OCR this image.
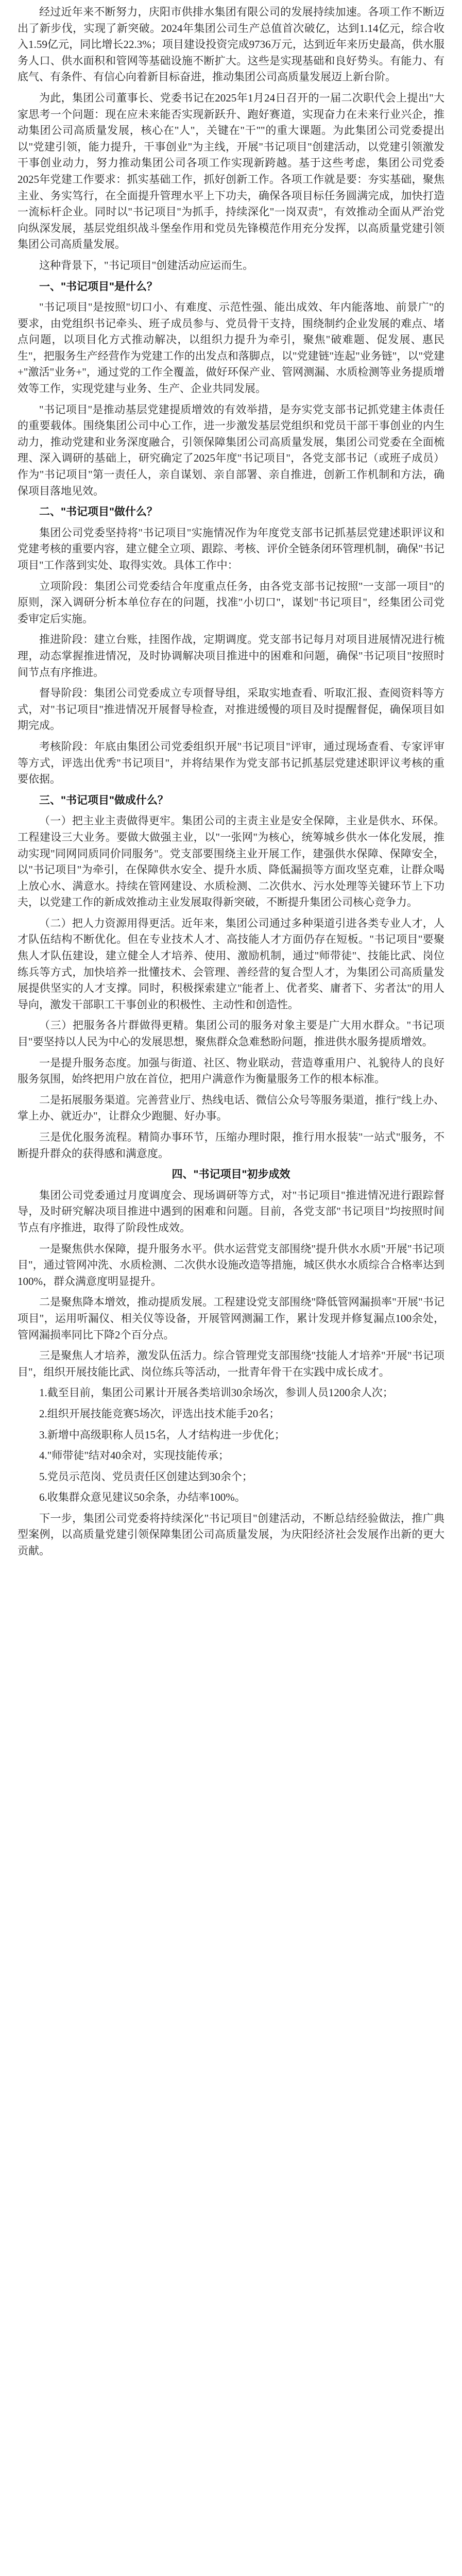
经过近年来不断努力，庆阳市供排水集团有限公司的发展持续加速。各项工作不断迈出了新步伐，实现了新突破。2024年集团公司生产总值首次破亿，达到1.14亿元，综合收入1.59亿元，同比增长22.3%；项目建设投资完成9736万元，达到近年来历史最高，供水服务人口、供水面积和管网等基础设施不断扩大。这些是实现基础和良好势头。有能力、有底气、有条件、有信心向着新目标奋进，推动集团公司高质量发展迈上新台阶。

为此，集团公司董事长、党委书记在2025年1月24日召开的一届二次职代会上提出"大家思考一个问题：现在应未来能否实现新跃升、跑好赛道，实现奋力在未来行业兴企，推动集团公司高质量发展，核心在"人"，关键在"干""的重大课题。为此集团公司党委提出以"党建引领，能力提升，干事创业"为主线，开展"书记项目"创建活动，以党建引领激发干事创业动力，努力推动集团公司各项工作实现新跨越。基于这些考虑，集团公司党委2025年党建工作要求：抓实基础工作，抓好创新工作。各项工作就是要：夯实基础，聚焦主业、务实笃行，在全面提升管理水平上下功夫，确保各项目标任务圆满完成，加快打造一流标杆企业。同时以"书记项目"为抓手，持续深化"一岗双责"，有效推动全面从严治党向纵深发展，基层党组织战斗堡垒作用和党员先锋模范作用充分发挥，以高质量党建引领集团公司高质量发展。

这种背景下，"书记项目"创建活动应运而生。

一、"书记项目"是什么？

"书记项目"是按照"切口小、有难度、示范性强、能出成效、年内能落地、前景广"的要求，由党组织书记牵头、班子成员参与、党员骨干支持，围绕制约企业发展的难点、堵点问题，以项目化方式推动解决，以组织力提升为牵引，聚焦"破难题、促发展、惠民生"，把服务生产经营作为党建工作的出发点和落脚点，以"党建链"连起"业务链"，以"党建+"激活"业务+"，通过党的工作全覆盖，做好环保产业、管网测漏、水质检测等业务提质增效等工作，实现党建与业务、生产、企业共同发展。

"书记项目"是推动基层党建提质增效的有效举措，是夯实党支部书记抓党建主体责任的重要载体。围绕集团公司中心工作，进一步激发基层党组织和党员干部干事创业的内生动力，推动党建和业务深度融合，引领保障集团公司高质量发展，集团公司党委在全面梳理、深入调研的基础上，研究确定了2025年度"书记项目"，各党支部书记（或班子成员）作为"书记项目"第一责任人，亲自谋划、亲自部署、亲自推进，创新工作机制和方法，确保项目落地见效。

二、"书记项目"做什么？

集团公司党委坚持将"书记项目"实施情况作为年度党支部书记抓基层党建述职评议和党建考核的重要内容，建立健全立项、跟踪、考核、评价全链条闭环管理机制，确保"书记项目"工作落到实处、取得实效。具体工作中：

立项阶段：集团公司党委结合年度重点任务，由各党支部书记按照"一支部一项目"的原则，深入调研分析本单位存在的问题，找准"小切口"，谋划"书记项目"，经集团公司党委审定后实施。

推进阶段：建立台账，挂图作战，定期调度。党支部书记每月对项目进展情况进行梳理，动态掌握推进情况，及时协调解决项目推进中的困难和问题，确保"书记项目"按照时间节点有序推进。

督导阶段：集团公司党委成立专项督导组，采取实地查看、听取汇报、查阅资料等方式，对"书记项目"推进情况开展督导检查，对推进缓慢的项目及时提醒督促，确保项目如期完成。

考核阶段：年底由集团公司党委组织开展"书记项目"评审，通过现场查看、专家评审等方式，评选出优秀"书记项目"，并将结果作为党支部书记抓基层党建述职评议考核的重要依据。

三、"书记项目"做成什么？

（一）把主业主责做得更牢。集团公司的主责主业是安全保障，主业是供水、环保。工程建设三大业务。要做大做强主业，以"一张网"为核心，统筹城乡供水一体化发展，推动实现"同网同质同价同服务"。党支部要围绕主业开展工作，建强供水保障、保障安全，以"书记项目"为牵引，在保障供水安全、提升水质、降低漏损等方面攻坚克难，让群众喝上放心水、满意水。持续在管网建设、水质检测、二次供水、污水处理等关键环节上下功夫，以党建工作的新成效推动主业发展取得新突破，不断提升集团公司核心竞争力。

（二）把人力资源用得更活。近年来，集团公司通过多种渠道引进各类专业人才，人才队伍结构不断优化。但在专业技术人才、高技能人才方面仍存在短板。"书记项目"要聚焦人才队伍建设，建立健全人才培养、使用、激励机制，通过"师带徒"、技能比武、岗位练兵等方式，加快培养一批懂技术、会管理、善经营的复合型人才，为集团公司高质量发展提供坚实的人才支撑。同时，积极探索建立"能者上、优者奖、庸者下、劣者汰"的用人导向，激发干部职工干事创业的积极性、主动性和创造性。

（三）把服务各片群做得更精。集团公司的服务对象主要是广大用水群众。"书记项目"要坚持以人民为中心的发展思想，聚焦群众急难愁盼问题，推进供水服务提质增效。

一是提升服务态度。加强与街道、社区、物业联动，营造尊重用户、礼貌待人的良好服务氛围，始终把用户放在首位，把用户满意作为衡量服务工作的根本标准。

二是拓展服务渠道。完善营业厅、热线电话、微信公众号等服务渠道，推行"线上办、掌上办、就近办"，让群众少跑腿、好办事。

三是优化服务流程。精简办事环节，压缩办理时限，推行用水报装"一站式"服务，不断提升群众的获得感和满意度。

四、"书记项目"初步成效

集团公司党委通过月度调度会、现场调研等方式，对"书记项目"推进情况进行跟踪督导，及时研究解决项目推进中遇到的困难和问题。目前，各党支部"书记项目"均按照时间节点有序推进，取得了阶段性成效。

一是聚焦供水保障，提升服务水平。供水运营党支部围绕"提升供水水质"开展"书记项目"，通过管网冲洗、水质检测、二次供水设施改造等措施，城区供水水质综合合格率达到100%，群众满意度明显提升。

二是聚焦降本增效，推动提质发展。工程建设党支部围绕"降低管网漏损率"开展"书记项目"，运用听漏仪、相关仪等设备，开展管网测漏工作，累计发现并修复漏点100余处，管网漏损率同比下降2个百分点。

三是聚焦人才培养，激发队伍活力。综合管理党支部围绕"技能人才培养"开展"书记项目"，组织开展技能比武、岗位练兵等活动，一批青年骨干在实践中成长成才。

1.截至目前，集团公司累计开展各类培训30余场次，参训人员1200余人次；

2.组织开展技能竞赛5场次，评选出技术能手20名；

3.新增中高级职称人员15名，人才结构进一步优化；

4."师带徒"结对40余对，实现技能传承；

5.党员示范岗、党员责任区创建达到30余个；

6.收集群众意见建议50余条，办结率100%。

下一步，集团公司党委将持续深化"书记项目"创建活动，不断总结经验做法，推广典型案例，以高质量党建引领保障集团公司高质量发展，为庆阳经济社会发展作出新的更大贡献。
